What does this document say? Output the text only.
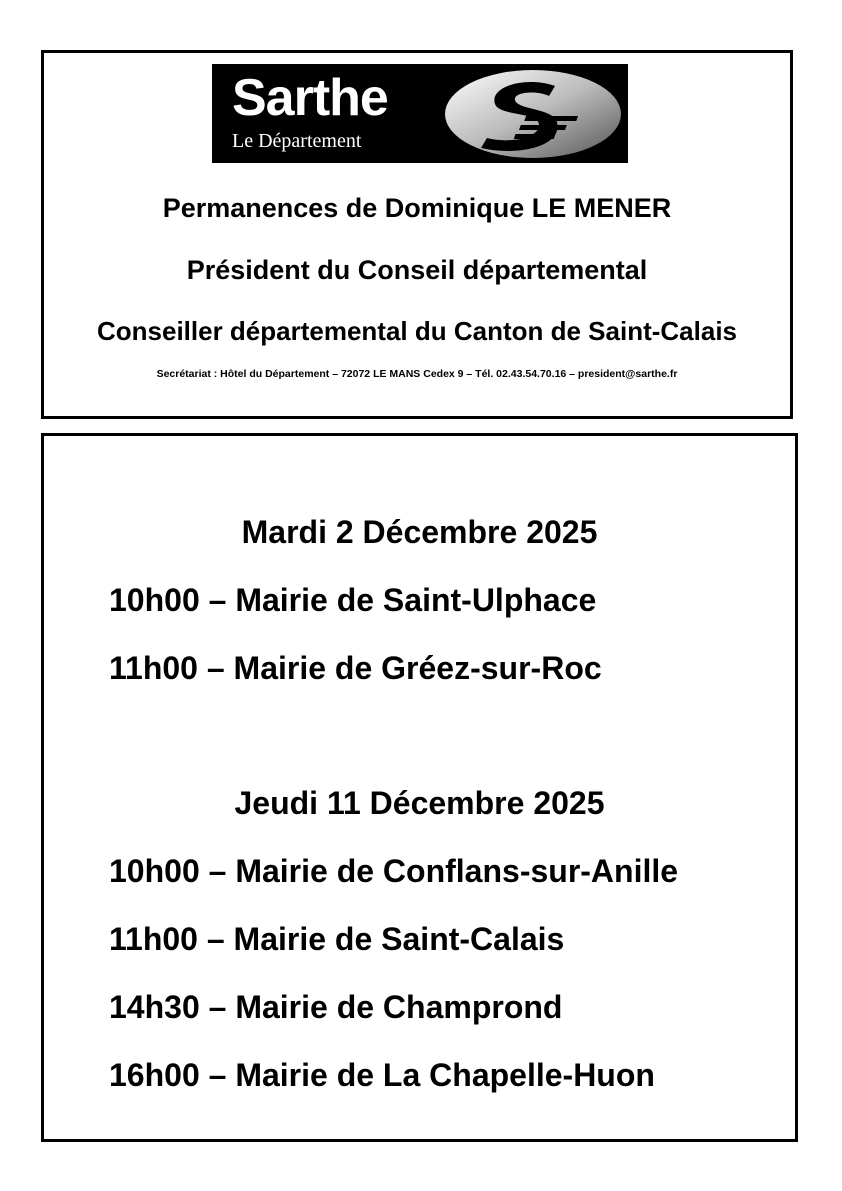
Sarthe
Le Département
Permanences de Dominique LE MENER
Président du Conseil départemental
Conseiller départemental du Canton de Saint-Calais
Secrétariat : Hôtel du Département – 72072 LE MANS Cedex 9 – Tél. 02.43.54.70.16 – president@sarthe.fr
Mardi 2 Décembre 2025
10h00 – Mairie de Saint-Ulphace
11h00 – Mairie de Gréez-sur-Roc
Jeudi 11 Décembre 2025
10h00 – Mairie de Conflans-sur-Anille
11h00 – Mairie de Saint-Calais
14h30 – Mairie de Champrond
16h00 – Mairie de La Chapelle-Huon
